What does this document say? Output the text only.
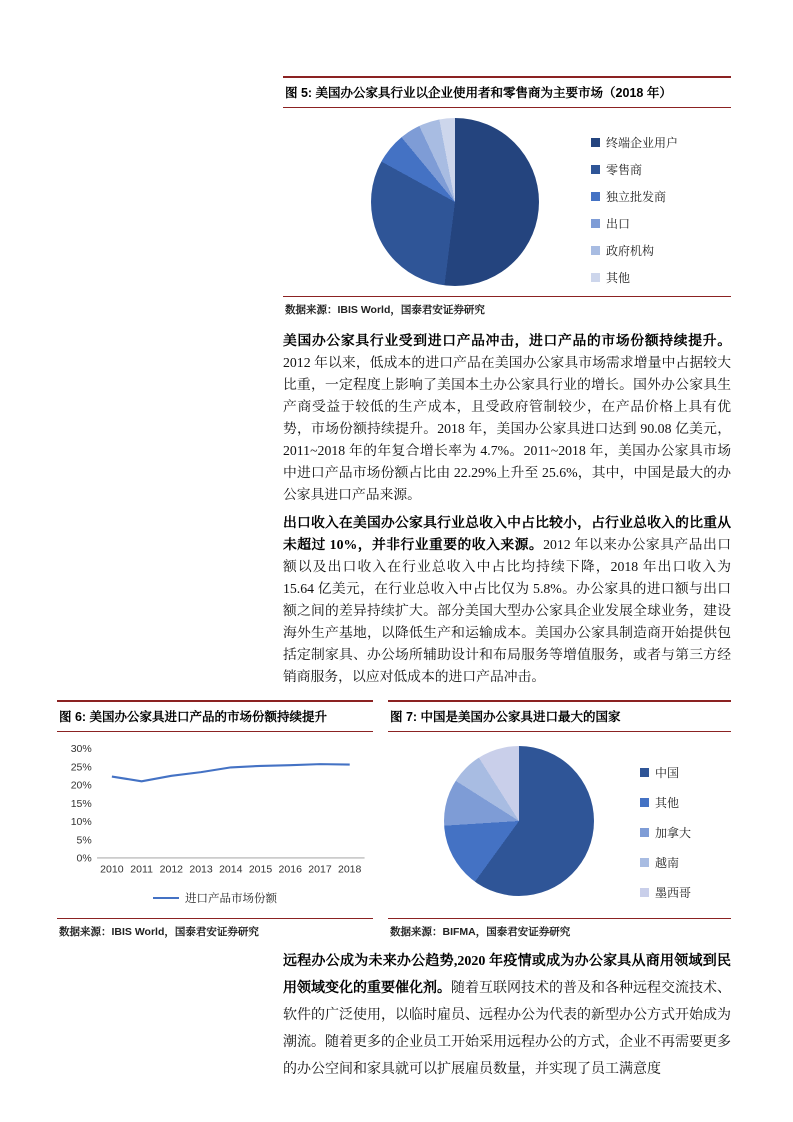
图 5: 美国办公家具行业以企业使用者和零售商为主要市场（2018 年）
终端企业用户
零售商
独立批发商
出口
政府机构
其他
数据来源：IBIS World，国泰君安证券研究

美国办公家具行业受到进口产品冲击，进口产品的市场份额持续提升。2012 年以来，低成本的进口产品在美国办公家具市场需求增量中占据较大比重，一定程度上影响了美国本土办公家具行业的增长。国外办公家具生产商受益于较低的生产成本，且受政府管制较少，在产品价格上具有优势，市场份额持续提升。2018 年，美国办公家具进口达到 90.08 亿美元，2011~2018 年的年复合增长率为 4.7%。2011~2018 年，美国办公家具市场中进口产品市场份额占比由 22.29%上升至 25.6%，其中，中国是最大的办公家具进口产品来源。

出口收入在美国办公家具行业总收入中占比较小，占行业总收入的比重从未超过 10%，并非行业重要的收入来源。2012 年以来办公家具产品出口额以及出口收入在行业总收入中占比均持续下降，2018 年出口收入为 15.64 亿美元，在行业总收入中占比仅为 5.8%。办公家具的进口额与出口额之间的差异持续扩大。部分美国大型办公家具企业发展全球业务，建设海外生产基地，以降低生产和运输成本。美国办公家具制造商开始提供包括定制家具、办公场所辅助设计和布局服务等增值服务，或者与第三方经销商服务，以应对低成本的进口产品冲击。

图 6: 美国办公家具进口产品的市场份额持续提升
0%
5%
10%
15%
20%
25%
30%
2010 2011 2012 2013 2014 2015 2016 2017 2018
进口产品市场份额
数据来源：IBIS World，国泰君安证券研究
图 7: 中国是美国办公家具进口最大的国家
中国
其他
加拿大
越南
墨西哥
数据来源：BIFMA，国泰君安证券研究

远程办公成为未来办公趋势,2020 年疫情或成为办公家具从商用领域到民用领域变化的重要催化剂。随着互联网技术的普及和各种远程交流技术、软件的广泛使用，以临时雇员、远程办公为代表的新型办公方式开始成为潮流。随着更多的企业员工开始采用远程办公的方式，企业不再需要更多的办公空间和家具就可以扩展雇员数量，并实现了员工满意度
